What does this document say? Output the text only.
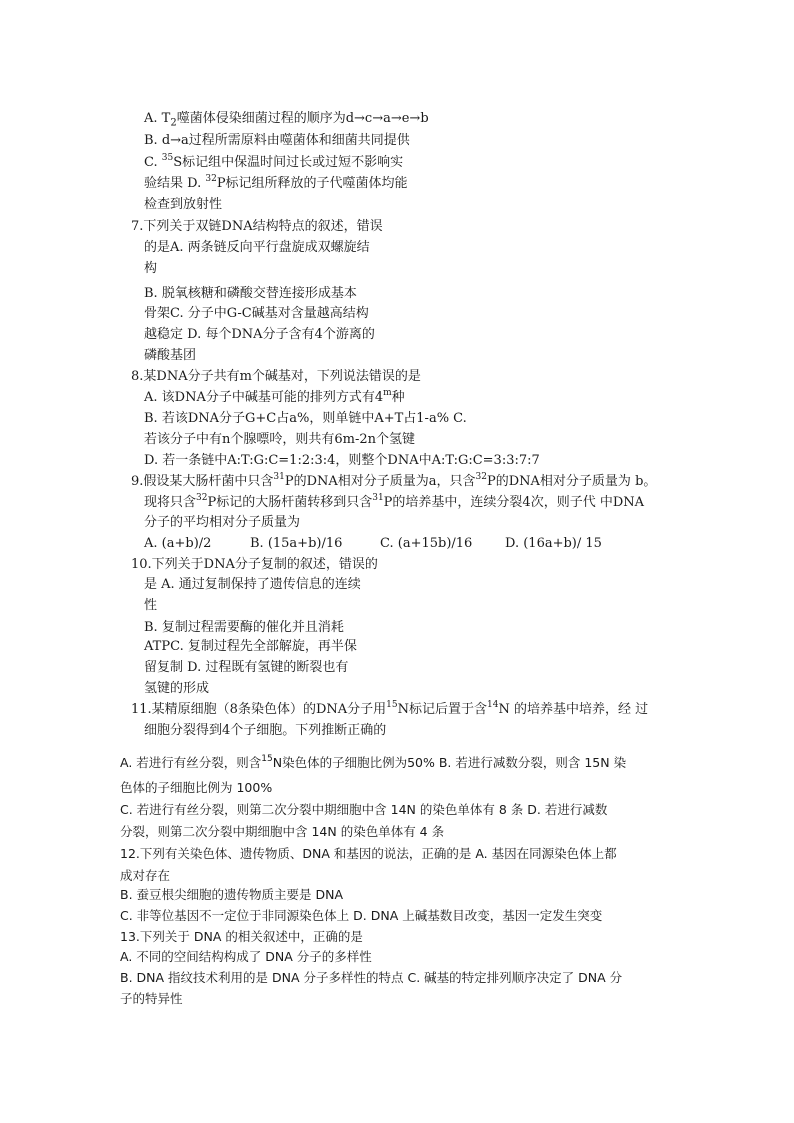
A. $T_2$噬菌体侵染细菌过程的顺序为d→c→a→e→b
B. d→a过程所需原料由噬菌体和细菌共同提供
C. $^{35}$S标记组中保温时间过长或过短不影响实
验结果 D. $^{32}$P标记组所释放的子代噬菌体均能
检查到放射性
7.下列关于双链DNA结构特点的叙述，错误
的是A. 两条链反向平行盘旋成双螺旋结
构
B. 脱氧核糖和磷酸交替连接形成基本
骨架C. 分子中G-C碱基对含量越高结构
越稳定 D. 每个DNA分子含有4个游离的
磷酸基团
8.某DNA分子共有m个碱基对，下列说法错误的是
A. 该DNA分子中碱基可能的排列方式有4$^m$种
B. 若该DNA分子G+C占a%，则单链中A+T占1-a% C.
若该分子中有n个腺嘌呤，则共有6m-2n个氢键
D. 若一条链中A:T:G:C=1:2:3:4，则整个DNA中A:T:G:C=3:3:7:7
9.假设某大肠杆菌中只含$^{31}$P的DNA相对分子质量为a，只含$^{32}$P的DNA相对分子质量为 b。
现将只含$^{32}$P标记的大肠杆菌转移到只含$^{31}$P的培养基中，连续分裂4次，则子代 中DNA
分子的平均相对分子质量为
A. (a+b)/2	B. (15a+b)/16	C. (a+15b)/16	D. (16a+b)/ 15
10.下列关于DNA分子复制的叙述，错误的
是 A. 通过复制保持了遗传信息的连续
性
B. 复制过程需要酶的催化并且消耗
ATPC. 复制过程先全部解旋，再半保
留复制 D. 过程既有氢键的断裂也有
氢键的形成
11.某精原细胞（8条染色体）的DNA分子用$^{15}$N标记后置于含$^{14}$N 的培养基中培养，经 过
细胞分裂得到4个子细胞。下列推断正确的
A. 若进行有丝分裂，则含$^{15}$N染色体的子细胞比例为50% B. 若进行减数分裂，则含 15N 染
色体的子细胞比例为 100%
C. 若进行有丝分裂，则第二次分裂中期细胞中含 14N 的染色单体有 8 条 D. 若进行减数
分裂，则第二次分裂中期细胞中含 14N 的染色单体有 4 条
12.下列有关染色体、遗传物质、DNA 和基因的说法，正确的是 A. 基因在同源染色体上都
成对存在
B. 蚕豆根尖细胞的遗传物质主要是 DNA
C. 非等位基因不一定位于非同源染色体上 D. DNA 上碱基数目改变，基因一定发生突变
13.下列关于 DNA 的相关叙述中，正确的是
A. 不同的空间结构构成了 DNA 分子的多样性
B. DNA 指纹技术利用的是 DNA 分子多样性的特点 C. 碱基的特定排列顺序决定了 DNA 分
子的特异性
